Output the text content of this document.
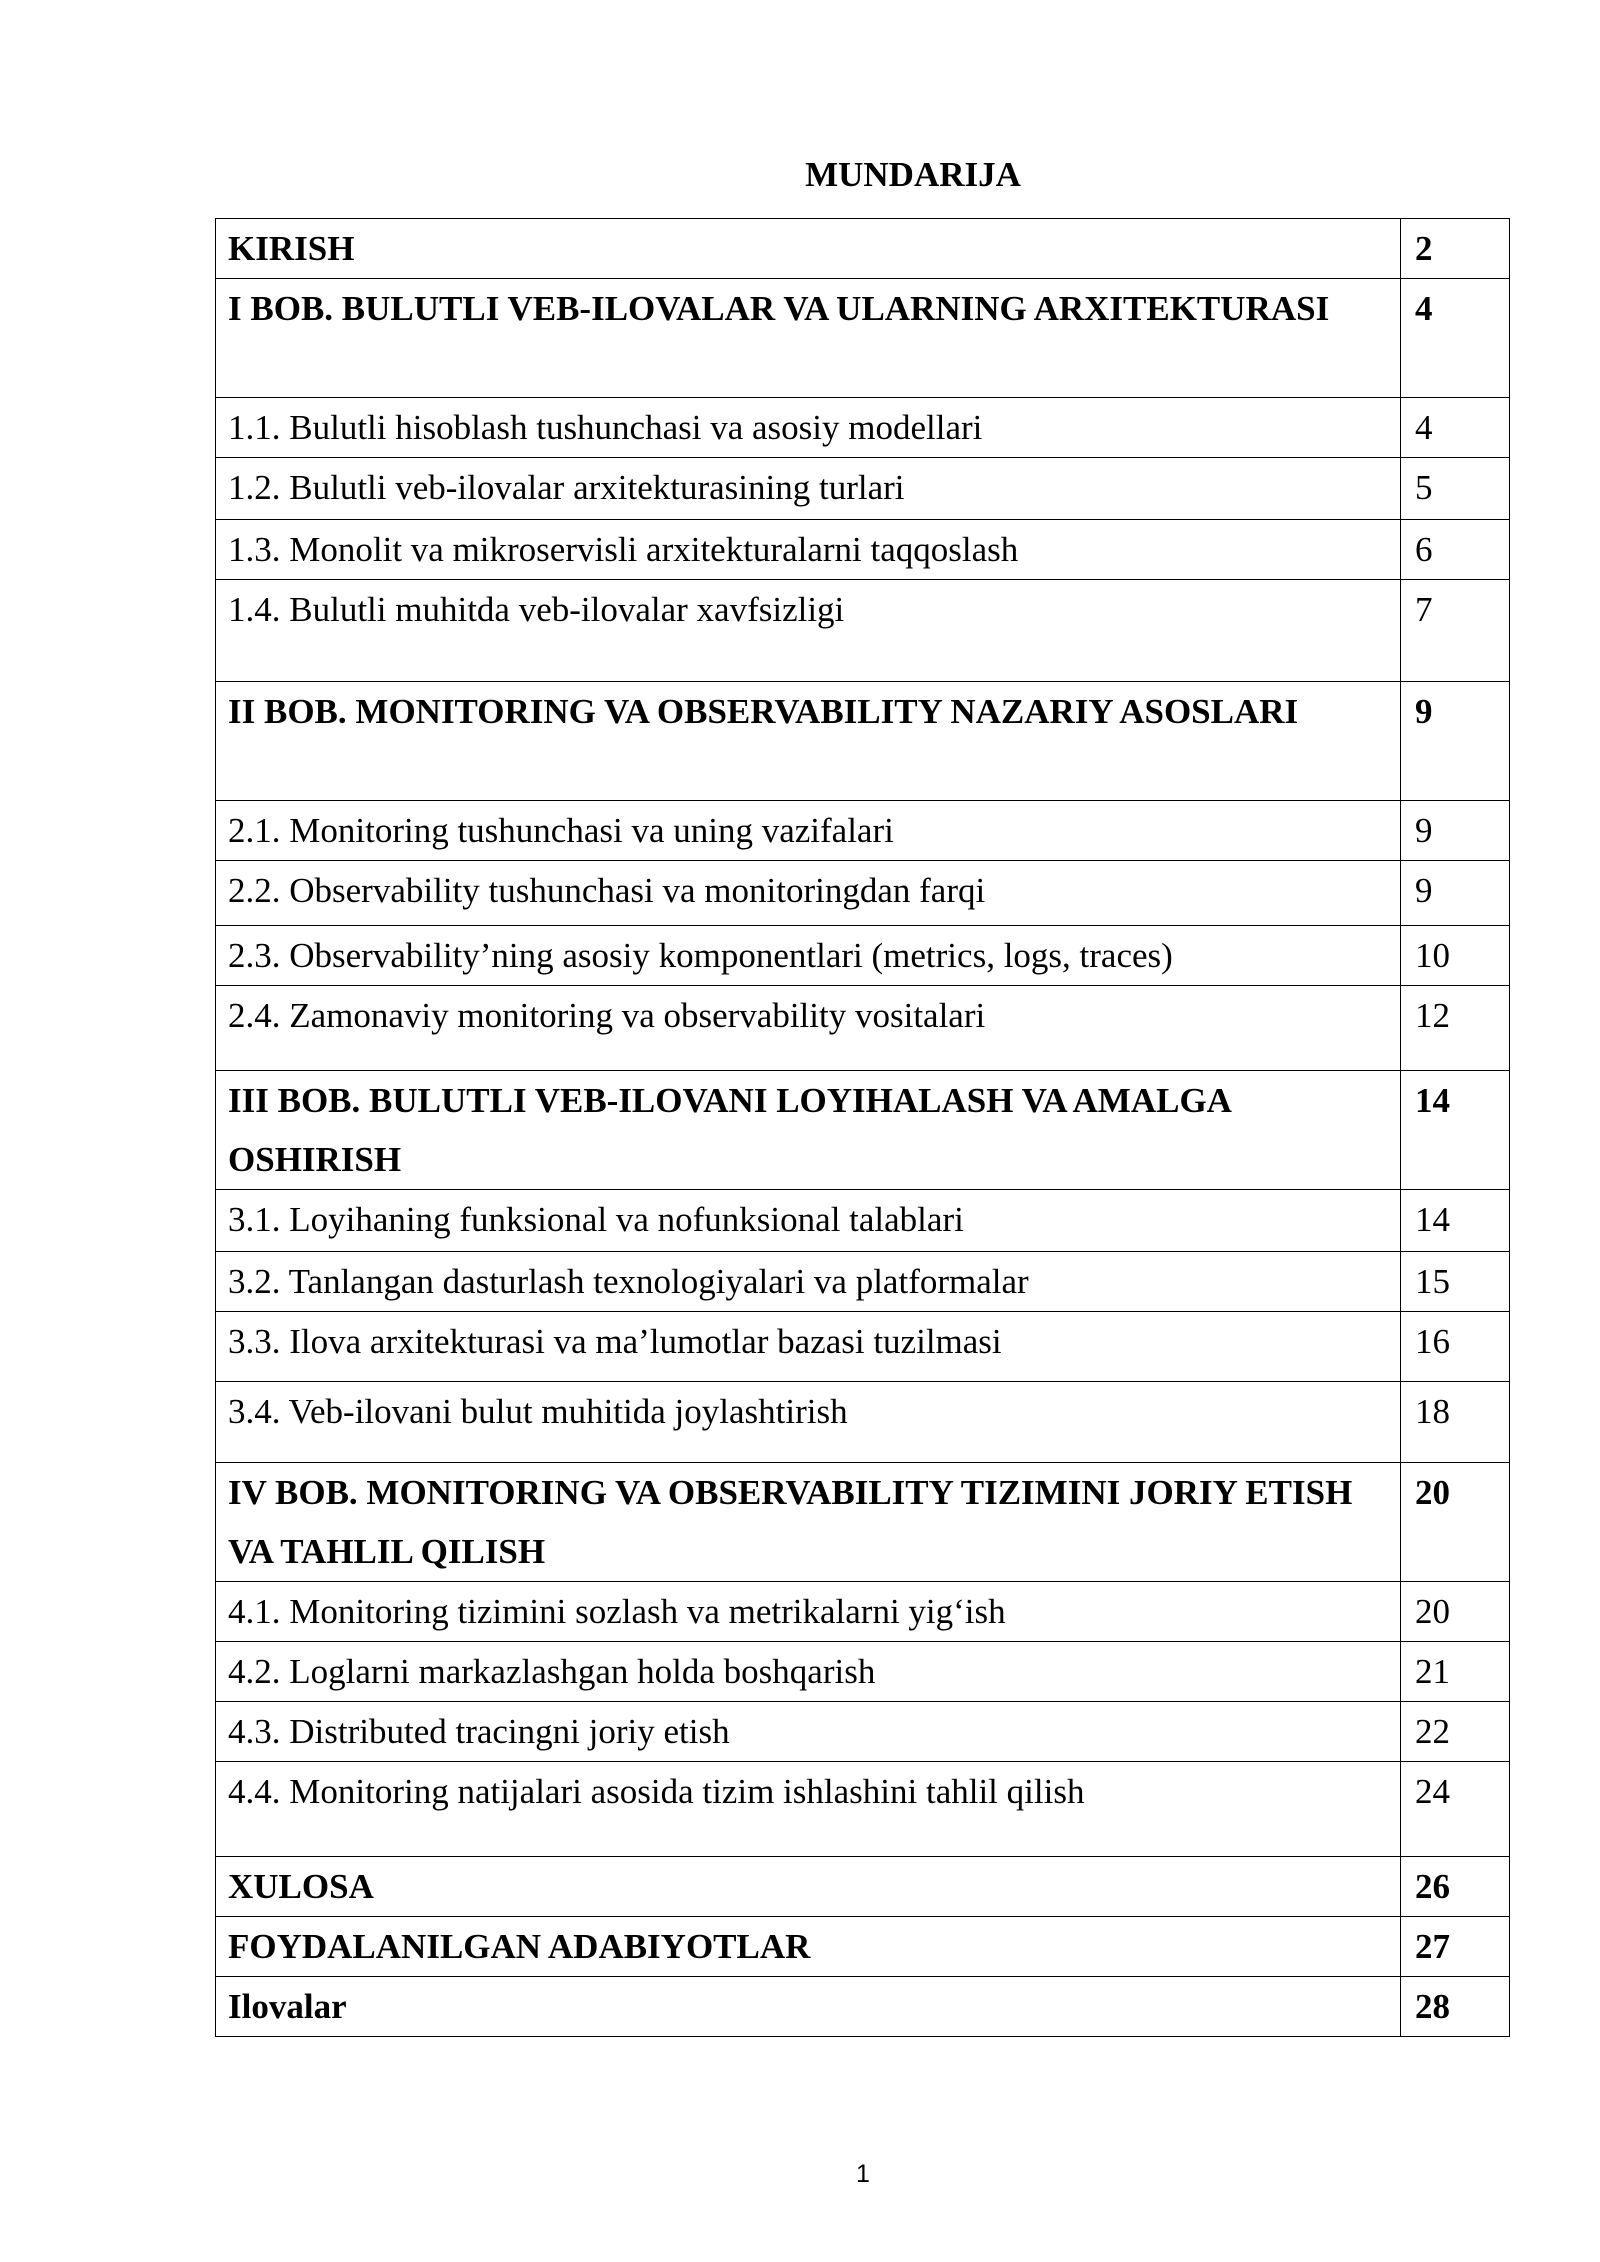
MUNDARIJA
KIRISH	2
I BOB. BULUTLI VEB-ILOVALAR VA ULARNING ARXITEKTURASI	4
1.1. Bulutli hisoblash tushunchasi va asosiy modellari	4
1.2. Bulutli veb-ilovalar arxitekturasining turlari	5
1.3. Monolit va mikroservisli arxitekturalarni taqqoslash	6
1.4. Bulutli muhitda veb-ilovalar xavfsizligi	7
II BOB. MONITORING VA OBSERVABILITY NAZARIY ASOSLARI	9
2.1. Monitoring tushunchasi va uning vazifalari	9
2.2. Observability tushunchasi va monitoringdan farqi	9
2.3. Observability’ning asosiy komponentlari (metrics, logs, traces)	10
2.4. Zamonaviy monitoring va observability vositalari	12
III BOB. BULUTLI VEB-ILOVANI LOYIHALASH VA AMALGA OSHIRISH	14
3.1. Loyihaning funksional va nofunksional talablari	14
3.2. Tanlangan dasturlash texnologiyalari va platformalar	15
3.3. Ilova arxitekturasi va ma’lumotlar bazasi tuzilmasi	16
3.4. Veb-ilovani bulut muhitida joylashtirish	18
IV BOB. MONITORING VA OBSERVABILITY TIZIMINI JORIY ETISH VA TAHLIL QILISH	20
4.1. Monitoring tizimini sozlash va metrikalarni yig‘ish	20
4.2. Loglarni markazlashgan holda boshqarish	21
4.3. Distributed tracingni joriy etish	22
4.4. Monitoring natijalari asosida tizim ishlashini tahlil qilish	24
XULOSA	26
FOYDALANILGAN ADABIYOTLAR	27
Ilovalar	28
1
